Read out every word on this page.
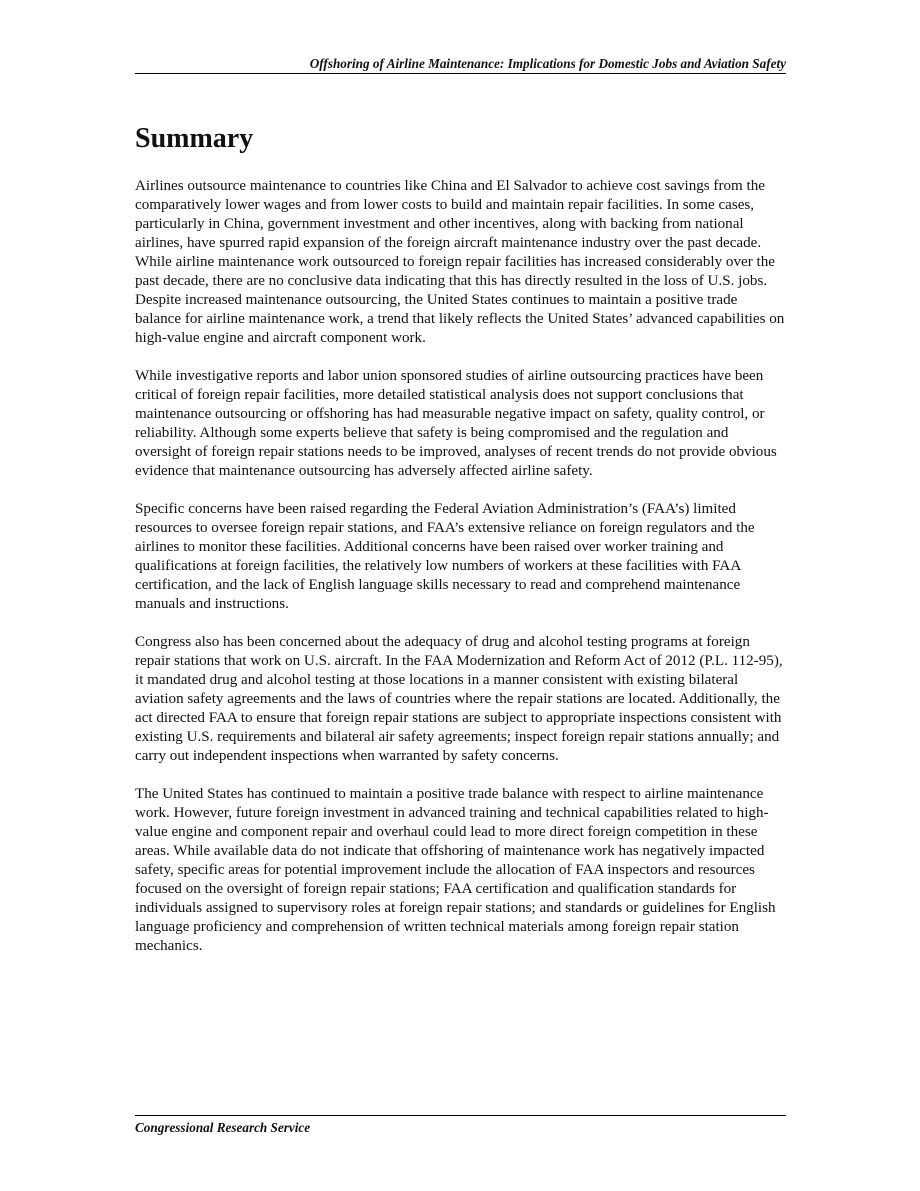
Offshoring of Airline Maintenance: Implications for Domestic Jobs and Aviation Safety
Summary

Airlines outsource maintenance to countries like China and El Salvador to achieve cost savings from the comparatively lower wages and from lower costs to build and maintain repair facilities. In some cases, particularly in China, government investment and other incentives, along with backing from national airlines, have spurred rapid expansion of the foreign aircraft maintenance industry over the past decade. While airline maintenance work outsourced to foreign repair facilities has increased considerably over the past decade, there are no conclusive data indicating that this has directly resulted in the loss of U.S. jobs. Despite increased maintenance outsourcing, the United States continues to maintain a positive trade balance for airline maintenance work, a trend that likely reflects the United States’ advanced capabilities on high-value engine and aircraft component work.

While investigative reports and labor union sponsored studies of airline outsourcing practices have been critical of foreign repair facilities, more detailed statistical analysis does not support conclusions that maintenance outsourcing or offshoring has had measurable negative impact on safety, quality control, or reliability. Although some experts believe that safety is being compromised and the regulation and oversight of foreign repair stations needs to be improved, analyses of recent trends do not provide obvious evidence that maintenance outsourcing has adversely affected airline safety.

Specific concerns have been raised regarding the Federal Aviation Administration’s (FAA’s) limited resources to oversee foreign repair stations, and FAA’s extensive reliance on foreign regulators and the airlines to monitor these facilities. Additional concerns have been raised over worker training and qualifications at foreign facilities, the relatively low numbers of workers at these facilities with FAA certification, and the lack of English language skills necessary to read and comprehend maintenance manuals and instructions.

Congress also has been concerned about the adequacy of drug and alcohol testing programs at foreign repair stations that work on U.S. aircraft. In the FAA Modernization and Reform Act of 2012 (P.L. 112-95), it mandated drug and alcohol testing at those locations in a manner consistent with existing bilateral aviation safety agreements and the laws of countries where the repair stations are located. Additionally, the act directed FAA to ensure that foreign repair stations are subject to appropriate inspections consistent with existing U.S. requirements and bilateral air safety agreements; inspect foreign repair stations annually; and carry out independent inspections when warranted by safety concerns.

The United States has continued to maintain a positive trade balance with respect to airline maintenance work. However, future foreign investment in advanced training and technical capabilities related to high-value engine and component repair and overhaul could lead to more direct foreign competition in these areas. While available data do not indicate that offshoring of maintenance work has negatively impacted safety, specific areas for potential improvement include the allocation of FAA inspectors and resources focused on the oversight of foreign repair stations; FAA certification and qualification standards for individuals assigned to supervisory roles at foreign repair stations; and standards or guidelines for English language proficiency and comprehension of written technical materials among foreign repair station mechanics.

Congressional Research Service
